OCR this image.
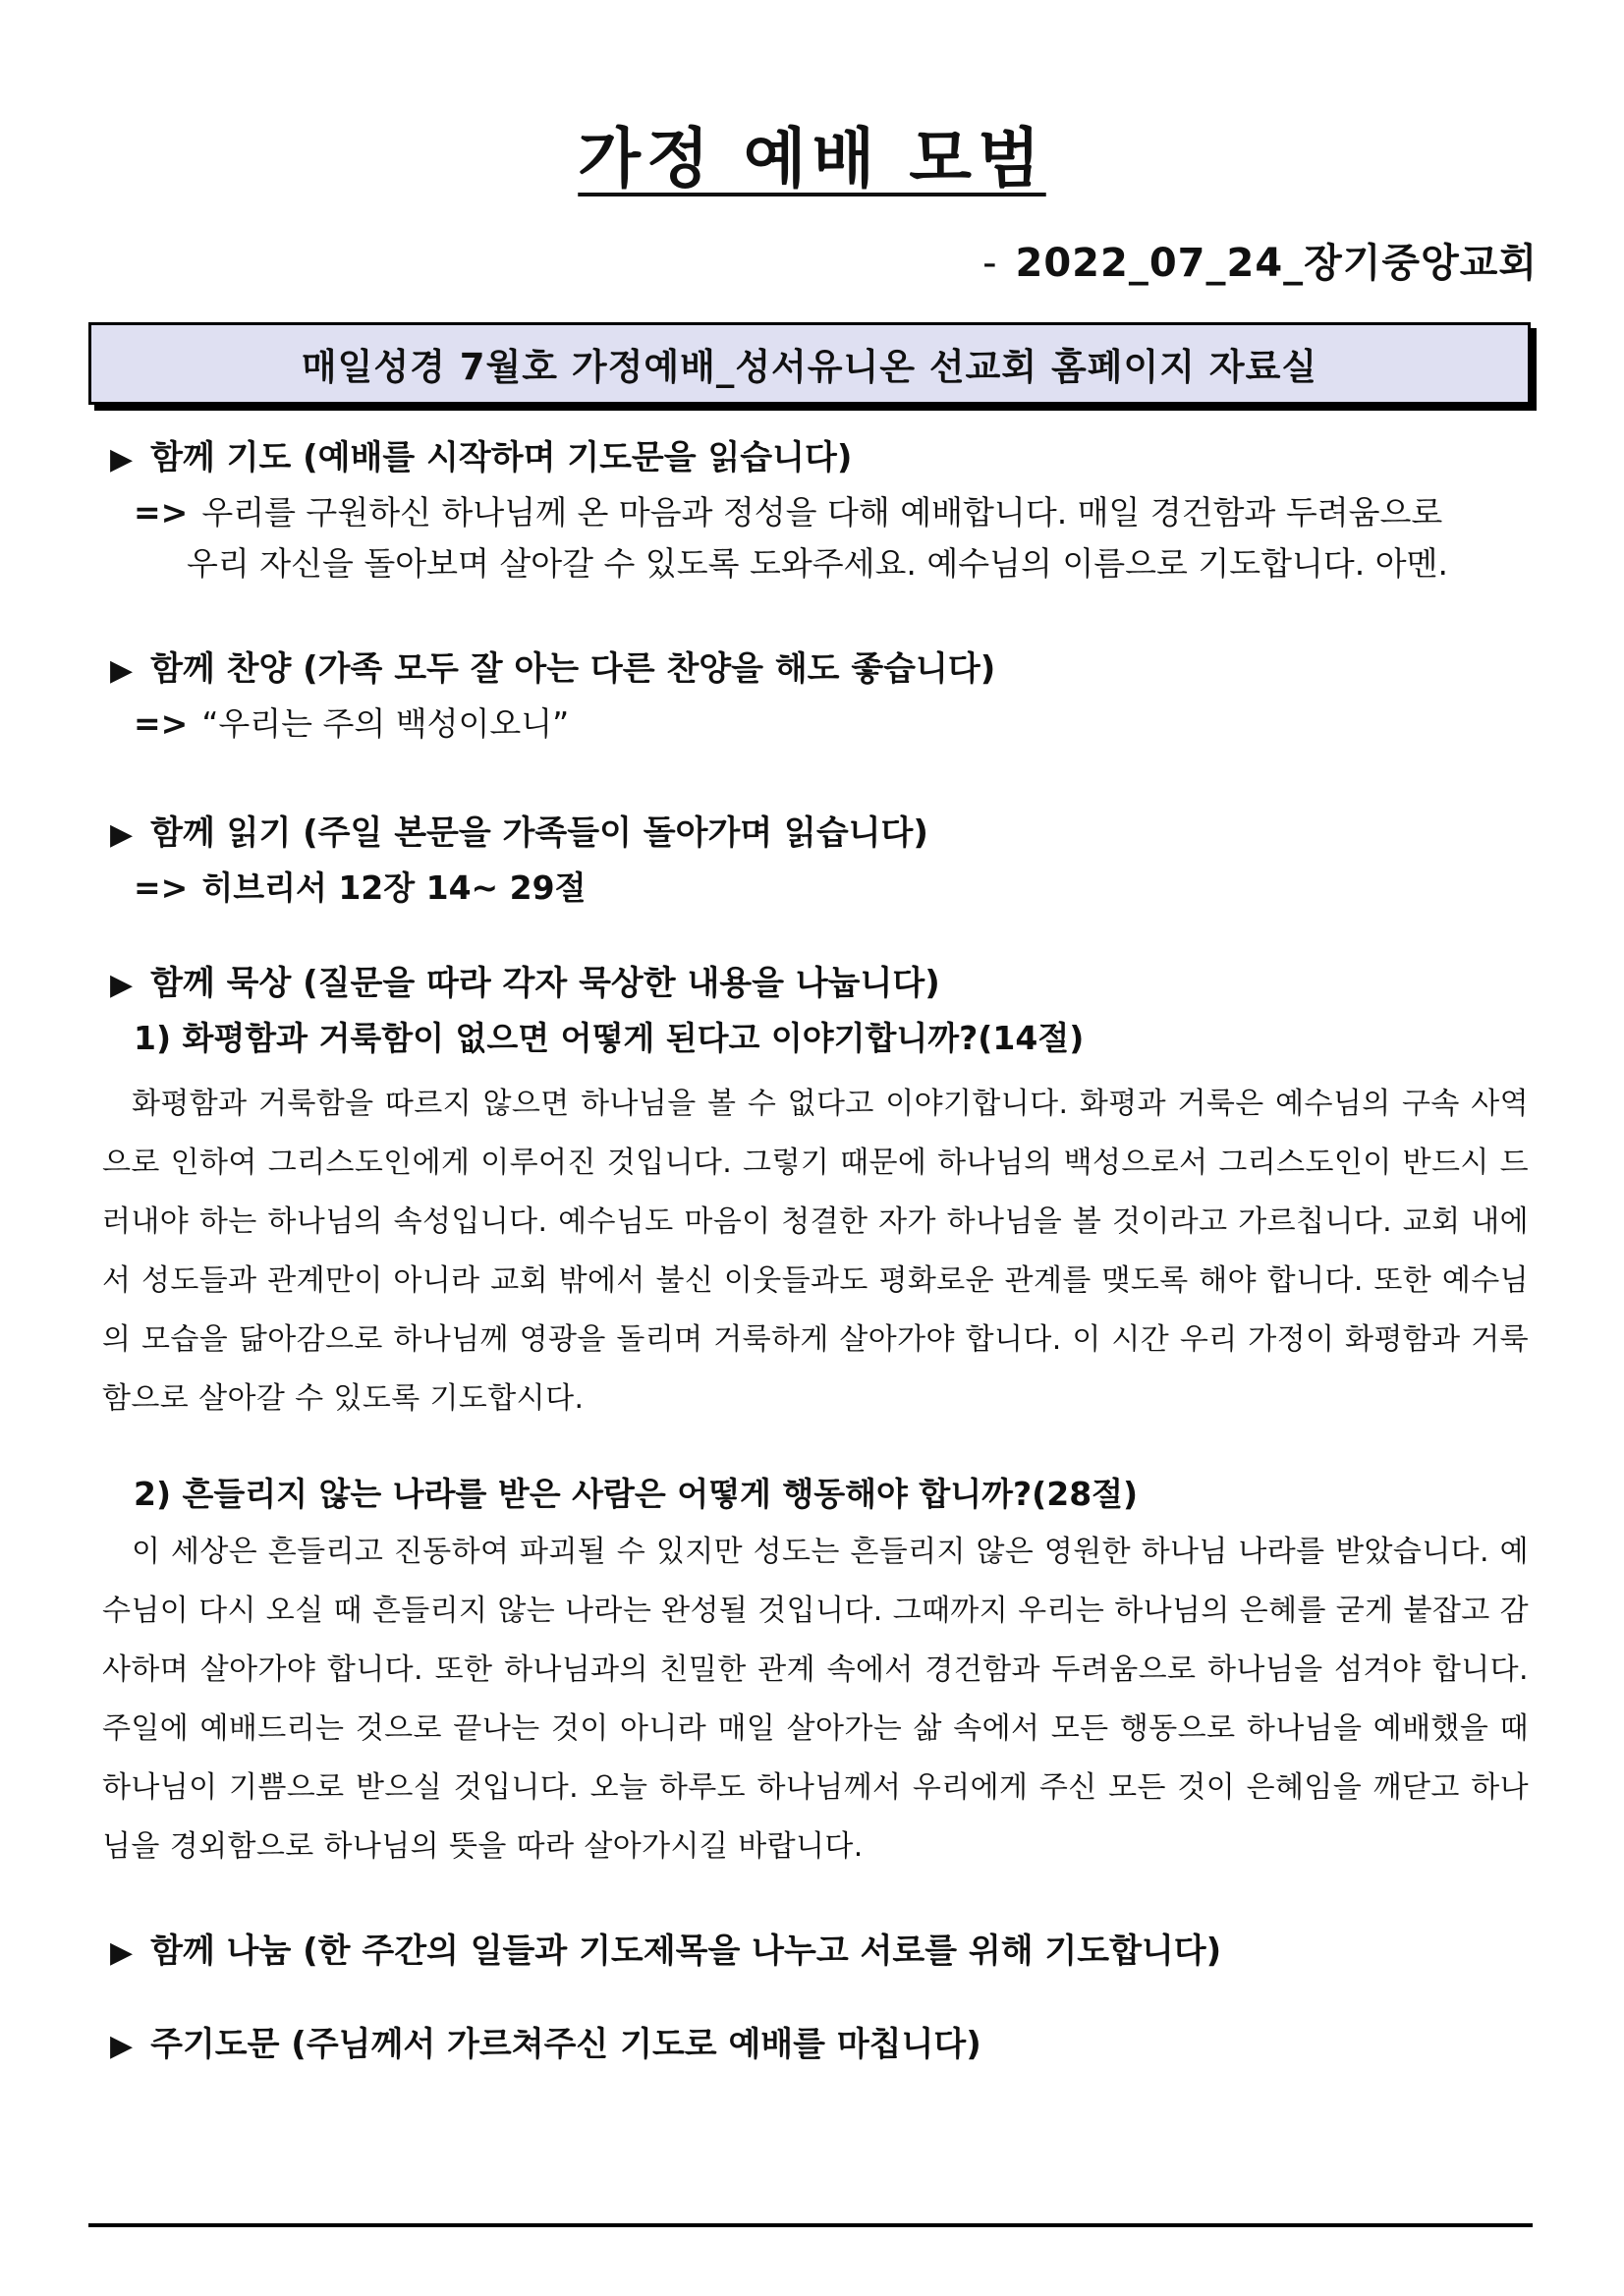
가정 예배 모범
- 2022_07_24_장기중앙교회
매일성경 7월호 가정예배_성서유니온 선교회 홈페이지 자료실
▶ 함께 기도 (예배를 시작하며 기도문을 읽습니다)
=> 우리를 구원하신 하나님께 온 마음과 정성을 다해 예배합니다. 매일 경건함과 두려움으로
우리 자신을 돌아보며 살아갈 수 있도록 도와주세요. 예수님의 이름으로 기도합니다. 아멘.
▶ 함께 찬양 (가족 모두 잘 아는 다른 찬양을 해도 좋습니다)
=> “우리는 주의 백성이오니”
▶ 함께 읽기 (주일 본문을 가족들이 돌아가며 읽습니다)
=> 히브리서 12장 14~ 29절
▶ 함께 묵상 (질문을 따라 각자 묵상한 내용을 나눕니다)
1) 화평함과 거룩함이 없으면 어떻게 된다고 이야기합니까?(14절)
화평함과 거룩함을 따르지 않으면 하나님을 볼 수 없다고 이야기합니다. 화평과 거룩은 예수님의 구속 사역으로 인하여 그리스도인에게 이루어진 것입니다. 그렇기 때문에 하나님의 백성으로서 그리스도인이 반드시 드러내야 하는 하나님의 속성입니다. 예수님도 마음이 청결한 자가 하나님을 볼 것이라고 가르칩니다. 교회 내에서 성도들과 관계만이 아니라 교회 밖에서 불신 이웃들과도 평화로운 관계를 맺도록 해야 합니다. 또한 예수님의 모습을 닮아감으로 하나님께 영광을 돌리며 거룩하게 살아가야 합니다. 이 시간 우리 가정이 화평함과 거룩함으로 살아갈 수 있도록 기도합시다.
2) 흔들리지 않는 나라를 받은 사람은 어떻게 행동해야 합니까?(28절)
이 세상은 흔들리고 진동하여 파괴될 수 있지만 성도는 흔들리지 않은 영원한 하나님 나라를 받았습니다. 예수님이 다시 오실 때 흔들리지 않는 나라는 완성될 것입니다. 그때까지 우리는 하나님의 은혜를 굳게 붙잡고 감사하며 살아가야 합니다. 또한 하나님과의 친밀한 관계 속에서 경건함과 두려움으로 하나님을 섬겨야 합니다. 주일에 예배드리는 것으로 끝나는 것이 아니라 매일 살아가는 삶 속에서 모든 행동으로 하나님을 예배했을 때 하나님이 기쁨으로 받으실 것입니다. 오늘 하루도 하나님께서 우리에게 주신 모든 것이 은혜임을 깨닫고 하나님을 경외함으로 하나님의 뜻을 따라 살아가시길 바랍니다.
▶ 함께 나눔 (한 주간의 일들과 기도제목을 나누고 서로를 위해 기도합니다)
▶ 주기도문 (주님께서 가르쳐주신 기도로 예배를 마칩니다)
